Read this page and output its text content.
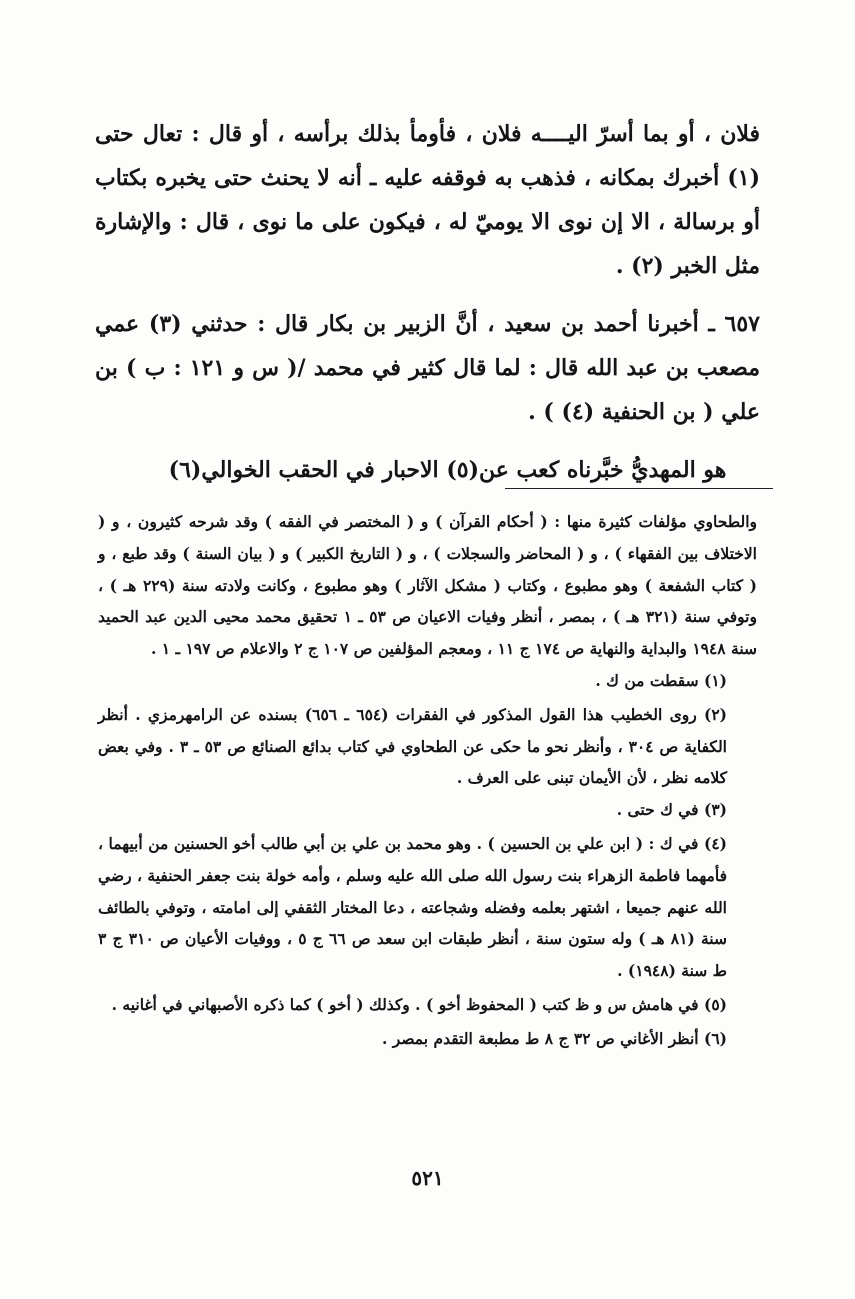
فلان ، أو بما أسرّ اليــــه فلان ، فأومأ بذلك برأسه ، أو قال : تعال حتى (١) أخبرك بمكانه ، فذهب به فوقفه عليه ـ أنه لا يحنث حتى يخبره بكتاب أو برسالة ، الا إن نوى الا يوميّ له ، فيكون على ما نوى ، قال : والإشارة مثل الخبر (٢) .

٦٥٧ ـ أخبرنا أحمد بن سعيد ، أنَّ الزبير بن بكار قال : حدثني (٣) عمي مصعب بن عبد الله قال : لما قال كثير في محمد /( س و ١٢١ : ب ) بن علي ( بن الحنفية (٤) ) .

هو المهديُّ خبَّرناه كعب عن(٥) الاحبار في الحقب الخوالي(٦)

والطحاوي مؤلفات كثيرة منها : ( أحكام القرآن ) و ( المختصر في الفقه ) وقد شرحه كثيرون ، و ( الاختلاف بين الفقهاء ) ، و ( المحاضر والسجلات ) ، و ( التاريخ الكبير ) و ( بيان السنة ) وقد طبع ، و ( كتاب الشفعة ) وهو مطبوع ، وكتاب ( مشكل الآثار ) وهو مطبوع ، وكانت ولادته سنة (٢٢٩ هـ ) ، وتوفي سنة (٣٢١ هـ ) ، بمصر ، أنظر وفيات الاعيان ص ٥٣ ـ ١ تحقيق محمد محيى الدين عبد الحميد سنة ١٩٤٨ والبداية والنهاية ص ١٧٤ ج ١١ ، ومعجم المؤلفين ص ١٠٧ ج ٢ والاعلام ص ١٩٧ ـ ١ .

(١) سقطت من ك .

(٢) روى الخطيب هذا القول المذكور في الفقرات (٦٥٤ ـ ٦٥٦) بسنده عن الرامهرمزي . أنظر الكفاية ص ٣٠٤ ، وأنظر نحو ما حكى عن الطحاوي في كتاب بدائع الصنائع ص ٥٣ ـ ٣ . وفي بعض كلامه نظر ، لأن الأيمان تبنى على العرف .

(٣) في ك حتى .

(٤) في ك : ( ابن علي بن الحسين ) . وهو محمد بن علي بن أبي طالب أخو الحسنين من أبيهما ، فأمهما فاطمة الزهراء بنت رسول الله صلى الله عليه وسلم ، وأمه خولة بنت جعفر الحنفية ، رضي الله عنهم جميعا ، اشتهر بعلمه وفضله وشجاعته ، دعا المختار الثقفي إلى امامته ، وتوفي بالطائف سنة (٨١ هـ ) وله ستون سنة ، أنظر طبقات ابن سعد ص ٦٦ ج ٥ ، ووفيات الأعيان ص ٣١٠ ج ٣ ط سنة (١٩٤٨) .

(٥) في هامش س و ظ كتب ( المحفوظ أخو ) . وكذلك ( أخو ) كما ذكره الأصبهاني في أغانيه .

(٦) أنظر الأغاني ص ٣٢ ج ٨ ط مطبعة التقدم بمصر .

٥٢١
